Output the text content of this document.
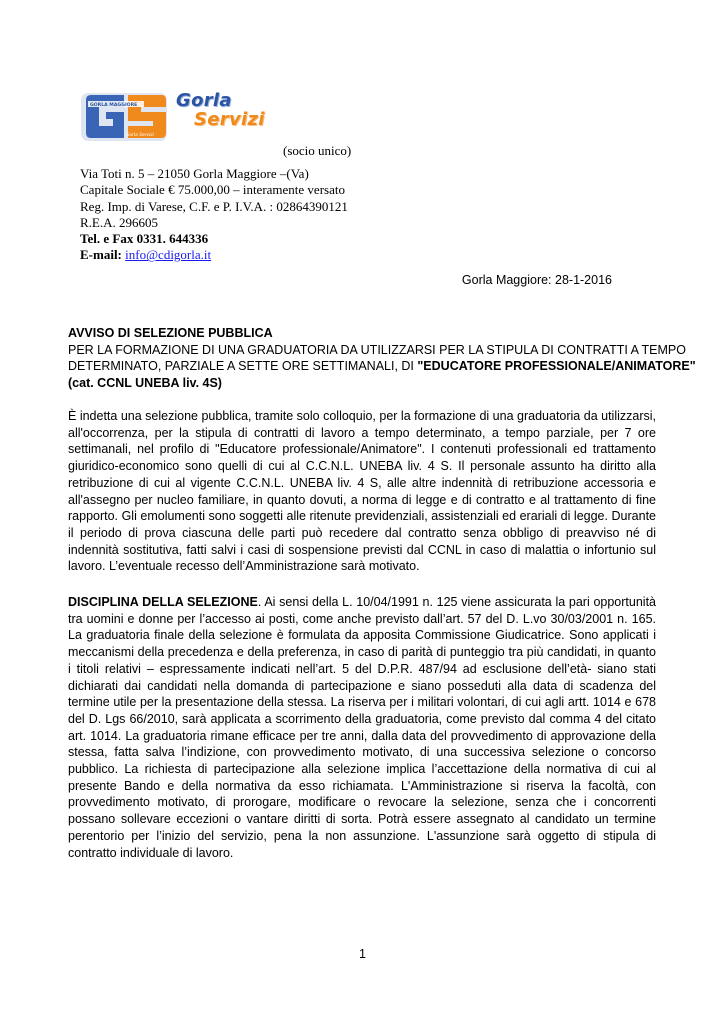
GORLA MAGGIORE
Gorla Servizi
Gorla
Servizi
(socio unico)
Via Toti n. 5 – 21050 Gorla Maggiore –(Va)
Capitale Sociale € 75.000,00 – interamente versato
Reg. Imp. di Varese, C.F. e P. I.V.A. : 02864390121
R.E.A. 296605
Tel. e Fax 0331. 644336
E-mail: info@cdigorla.it
Gorla Maggiore: 28-1-2016
AVVISO DI SELEZIONE PUBBLICA
PER LA FORMAZIONE DI UNA GRADUATORIA DA UTILIZZARSI PER LA STIPULA DI CONTRATTI A TEMPO
DETERMINATO, PARZIALE A SETTE ORE SETTIMANALI, DI "EDUCATORE PROFESSIONALE/ANIMATORE"
(cat. CCNL UNEBA liv. 4S)
È indetta una selezione pubblica, tramite solo colloquio, per la formazione di una graduatoria da utilizzarsi, all'occorrenza, per la stipula di contratti di lavoro a tempo determinato, a tempo parziale, per 7 ore settimanali, nel profilo di "Educatore professionale/Animatore". I contenuti professionali ed trattamento giuridico-economico sono quelli di cui al C.C.N.L. UNEBA liv. 4 S. Il personale assunto ha diritto alla retribuzione di cui al vigente C.C.N.L. UNEBA liv. 4 S, alle altre indennità di retribuzione accessoria e all'assegno per nucleo familiare, in quanto dovuti, a norma di legge e di contratto e al trattamento di fine rapporto. Gli emolumenti sono soggetti alle ritenute previdenziali, assistenziali ed erariali di legge. Durante il periodo di prova ciascuna delle parti può recedere dal contratto senza obbligo di preavviso né di indennità sostitutiva, fatti salvi i casi di sospensione previsti dal CCNL in caso di malattia o infortunio sul lavoro. L’eventuale recesso dell’Amministrazione sarà motivato.
DISCIPLINA DELLA SELEZIONE. Ai sensi della L. 10/04/1991 n. 125 viene assicurata la pari opportunità tra uomini e donne per l’accesso ai posti, come anche previsto dall’art. 57 del D. L.vo 30/03/2001 n. 165. La graduatoria finale della selezione è formulata da apposita Commissione Giudicatrice. Sono applicati i meccanismi della precedenza e della preferenza, in caso di parità di punteggio tra più candidati, in quanto i titoli relativi – espressamente indicati nell’art. 5 del D.P.R. 487/94 ad esclusione dell’età- siano stati dichiarati dai candidati nella domanda di partecipazione e siano posseduti alla data di scadenza del termine utile per la presentazione della stessa. La riserva per i militari volontari, di cui agli artt. 1014 e 678 del D. Lgs 66/2010, sarà applicata a scorrimento della graduatoria, come previsto dal comma 4 del citato art. 1014. La graduatoria rimane efficace per tre anni, dalla data del provvedimento di approvazione della stessa, fatta salva l’indizione, con provvedimento motivato, di una successiva selezione o concorso pubblico. La richiesta di partecipazione alla selezione implica l’accettazione della normativa di cui al presente Bando e della normativa da esso richiamata. L'Amministrazione si riserva la facoltà, con provvedimento motivato, di prorogare, modificare o revocare la selezione, senza che i concorrenti possano sollevare eccezioni o vantare diritti di sorta. Potrà essere assegnato al candidato un termine perentorio per l’inizio del servizio, pena la non assunzione. L'assunzione sarà oggetto di stipula di contratto individuale di lavoro.
1
